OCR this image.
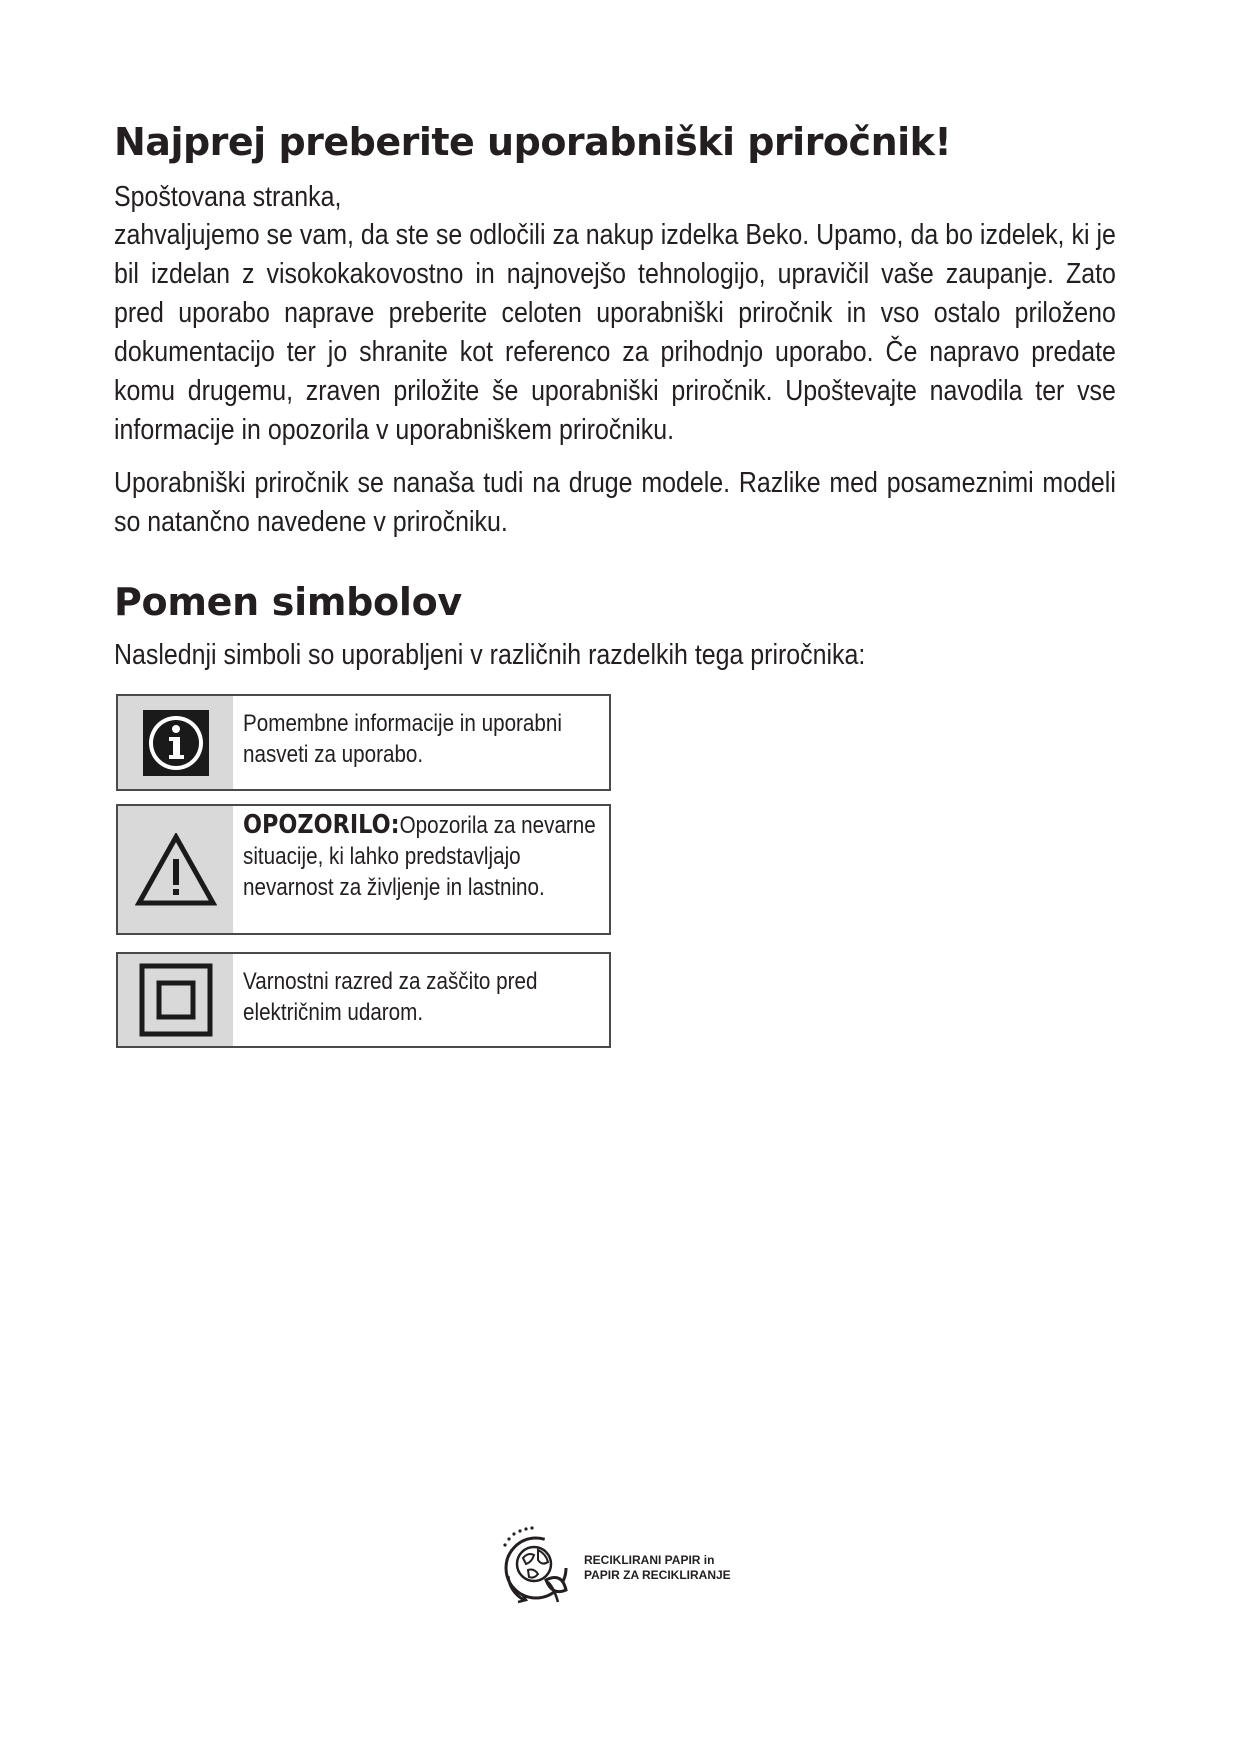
Najprej preberite uporabniški priročnik!

Spoštovana stranka,

zahvaljujemo se vam, da ste se odločili za nakup izdelka Beko. Upamo, da bo izdelek, ki je bil izdelan z visokokakovostno in najnovejšo tehnologijo, upravičil vaše zaupanje. Zato pred uporabo naprave preberite celoten uporabniški priročnik in vso ostalo priloženo dokumentacijo ter jo shranite kot referenco za prihodnjo uporabo. Če napravo predate komu drugemu, zraven priložite še uporabniški priročnik. Upoštevajte navodila ter vse informacije in opozorila v uporabniškem priročniku.

Uporabniški priročnik se nanaša tudi na druge modele. Razlike med posameznimi modeli so natančno navedene v priročniku.

Pomen simbolov

Naslednji simboli so uporabljeni v različnih razdelkih tega priročnika:

Pomembne informacije in uporabni nasveti za uporabo.
OPOZORILO:Opozorila za nevarne situacije, ki lahko predstavljajo nevarnost za življenje in lastnino.
Varnostni razred za zaščito pred električnim udarom.
RECIKLIRANI PAPIR in
PAPIR ZA RECIKLIRANJE
